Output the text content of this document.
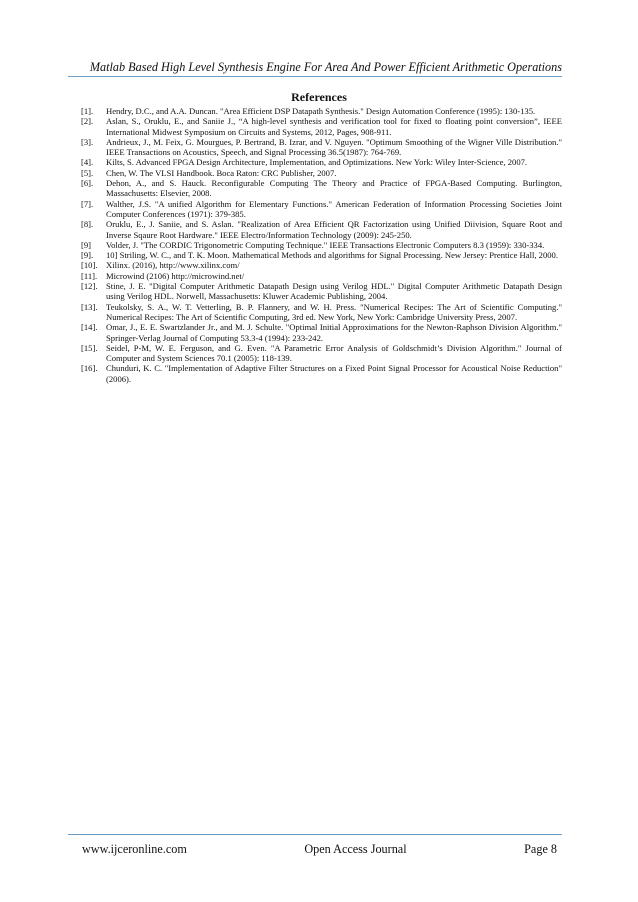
Matlab Based High Level Synthesis Engine For Area And Power Efficient Arithmetic Operations
References
[1].	Hendry, D.C., and A.A. Duncan. "Area Efficient DSP Datapath Synthesis." Design Automation Conference (1995): 130-135.
[2].	Aslan, S., Oruklu, E., and Saniie J., “A high-level synthesis and verification tool for fixed to floating point conversion”, IEEE International Midwest Symposium on Circuits and Systems, 2012, Pages, 908-911.
[3].	Andrieux, J., M. Feix, G. Mourgues, P. Bertrand, B. Izrar, and V. Nguyen. "Optimum Smoothing of the Wigner Ville Distribution." IEEE Transactions on Acoustics, Speech, and Signal Processing 36.5(1987): 764-769.
[4].	Kilts, S. Advanced FPGA Design Architecture, Implementation, and Optimizations. New York: Wiley Inter-Science, 2007.
[5].	Chen, W. The VLSI Handbook. Boca Raton: CRC Publisher, 2007.
[6].	Dehon, A., and S. Hauck. Reconfigurable Computing The Theory and Practice of FPGA-Based Computing. Burlington, Massachusetts: Elsevier, 2008.
[7].	Walther, J.S. "A unified Algorithm for Elementary Functions." American Federation of Information Processing Societies Joint Computer Conferences (1971): 379-385.
[8].	Oruklu, E., J. Saniie, and S. Aslan. "Realization of Area Efficient QR Factorization using Unified Diivision, Square Root and Inverse Sqaure Root Hardware." IEEE Electro/Information Technology (2009): 245-250.
[9]	Volder, J. "The CORDIC Trigonometric Computing Technique." IEEE Transactions Electronic Computers 8.3 (1959): 330-334.
[9].	10] Striling, W. C., and T. K. Moon. Mathematical Methods and algorithms for Signal Processing. New Jersey: Prentice Hall, 2000.
[10]. Xilinx. (2016), http://www.xilinx.com/
[11].	Microwind (2106) http://microwind.net/
[12]. Stine, J. E. "Digital Computer Arithmetic Datapath Design using Verilog HDL." Digital Computer Arithmetic Datapath Design using Verilog HDL. Norwell, Massachusetts: Kluwer Academic Publishing, 2004.
[13]. Teukolsky, S. A., W. T. Vetterling, B. P. Flannery, and W. H. Press. "Numerical Recipes: The Art of Scientific Computing." Numerical Recipes: The Art of Scientific Computing, 3rd ed. New York, New York: Cambridge University Press, 2007.
[14]. Omar, J., E. E. Swartzlander Jr., and M. J. Schulte. "Optimal Initial Approximations for the Newton-Raphson Division Algorithm." Springer-Verlag Journal of Computing 53.3-4 (1994): 233-242.
[15]. Seidel, P-M, W. E. Ferguson, and G. Even. "A Parametric Error Analysis of Goldschmidt’s Division Algorithm." Journal of Computer and System Sciences 70.1 (2005): 118-139.
[16]. Chunduri, K. C. "Implementation of Adaptive Filter Structures on a Fixed Point Signal Processor for Acoustical Noise Reduction" (2006).
www.ijceronline.com	Open Access Journal	Page 8
